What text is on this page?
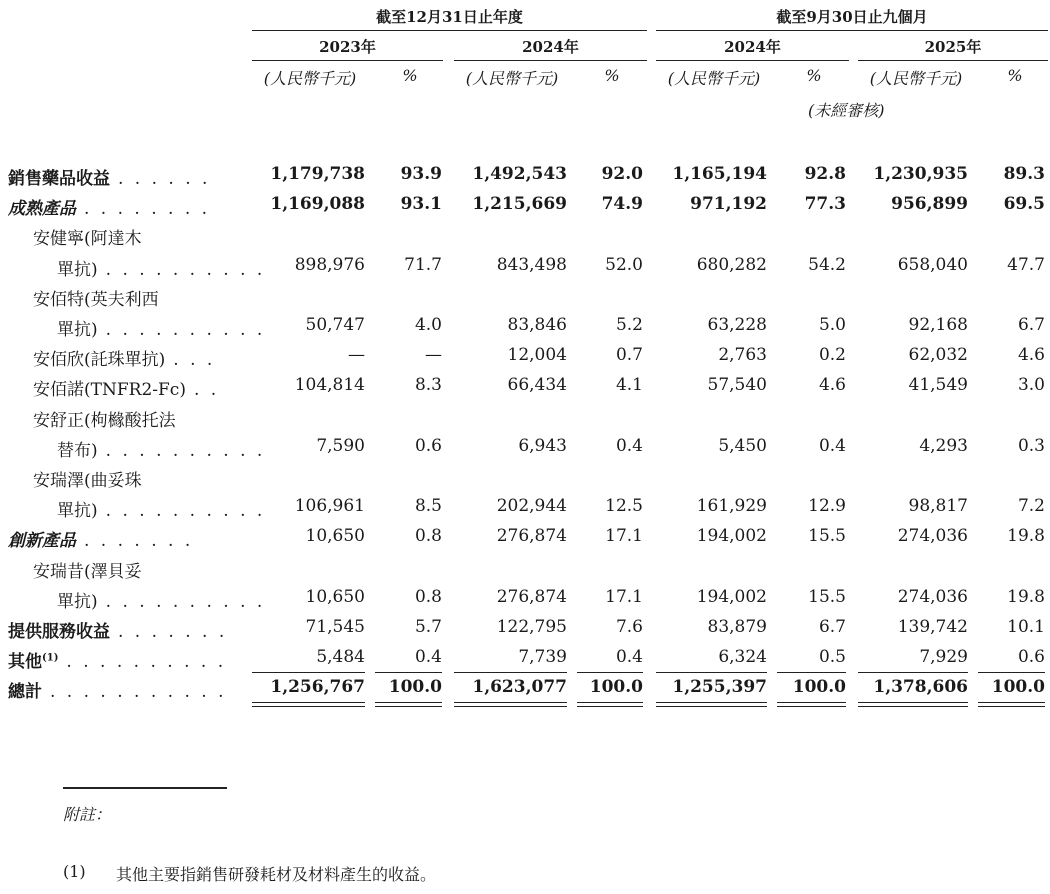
截至12月31日止年度	截至9月30日止九個月
2023年	2024年	2024年	2025年
(人民幣千元)	%	(人民幣千元)	%	(人民幣千元)	%	(人民幣千元)	%
(未經審核)
銷售藥品收益 . . . . . .	1,179,738	93.9	1,492,543	92.0	1,165,194	92.8	1,230,935	89.3
成熟產品 . . . . . . . .	1,169,088	93.1	1,215,669	74.9	971,192	77.3	956,899	69.5
安健寧(阿達木
單抗) . . . . . . . . . .	898,976	71.7	843,498	52.0	680,282	54.2	658,040	47.7
安佰特(英夫利西
單抗) . . . . . . . . . .	50,747	4.0	83,846	5.2	63,228	5.0	92,168	6.7
安佰欣(託珠單抗) . . .	—	—	12,004	0.7	2,763	0.2	62,032	4.6
安佰諾(TNFR2-Fc) . .	104,814	8.3	66,434	4.1	57,540	4.6	41,549	3.0
安舒正(枸櫞酸托法
替布) . . . . . . . . . .	7,590	0.6	6,943	0.4	5,450	0.4	4,293	0.3
安瑞澤(曲妥珠
單抗) . . . . . . . . . .	106,961	8.5	202,944	12.5	161,929	12.9	98,817	7.2
創新產品 . . . . . . .	10,650	0.8	276,874	17.1	194,002	15.5	274,036	19.8
安瑞昔(澤貝妥
單抗) . . . . . . . . . .	10,650	0.8	276,874	17.1	194,002	15.5	274,036	19.8
提供服務收益 . . . . . . .	71,545	5.7	122,795	7.6	83,879	6.7	139,742	10.1
其他$^{(1)}$ . . . . . . . . . .	5,484	0.4	7,739	0.4	6,324	0.5	7,929	0.6
總計 . . . . . . . . . . .	1,256,767	100.0	1,623,077	100.0	1,255,397	100.0	1,378,606	100.0
附註：
(1) 其他主要指銷售研發耗材及材料產生的收益。
